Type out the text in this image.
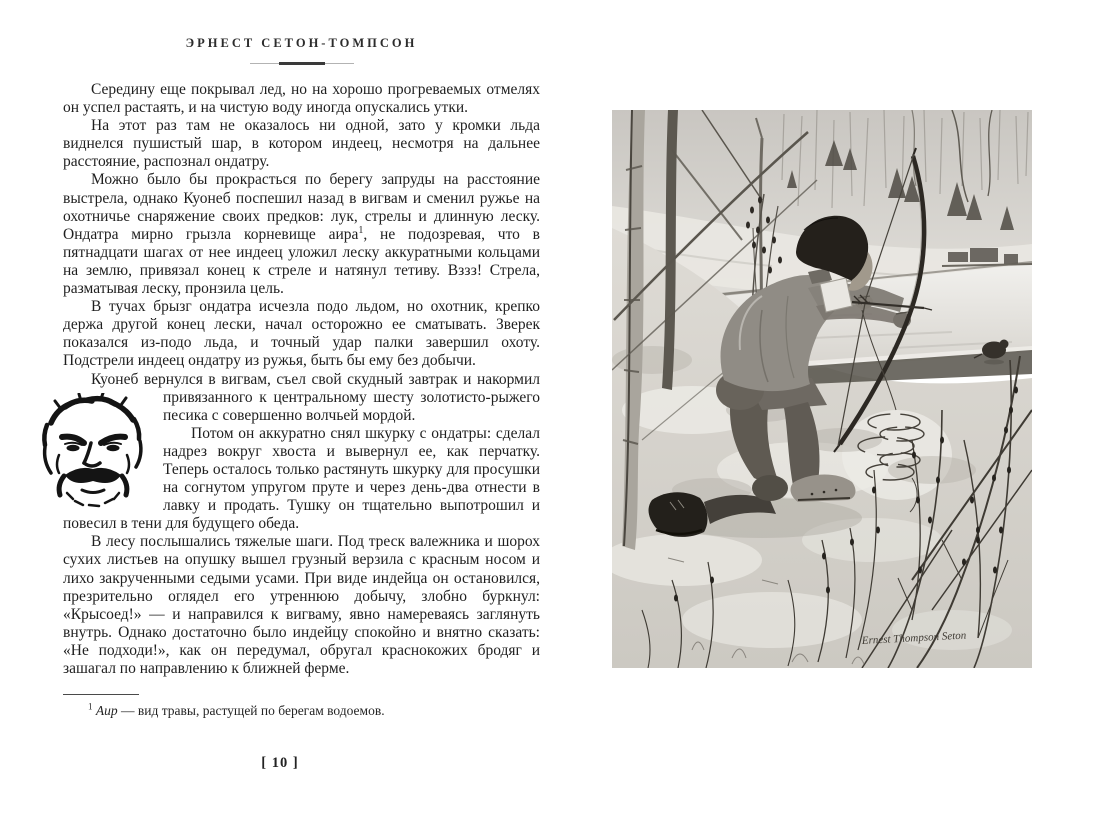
ЭРНЕСТ СЕТОН-ТОМПСОН

Середину еще покрывал лед, но на хорошо прогреваемых отмелях он успел растаять, и на чистую воду иногда опускались утки.

На этот раз там не оказалось ни одной, зато у кромки льда виднелся пушистый шар, в котором индеец, несмотря на дальнее расстояние, распознал ондатру.

Можно было бы прокрасться по берегу запруды на расстояние выстрела, однако Куонеб поспешил назад в вигвам и сменил ружье на охотничье снаряжение своих предков: лук, стрелы и длинную леску. Ондатра мирно грызла корневище аира$^1$, не подозревая, что в пятнадцати шагах от нее индеец уложил леску аккуратными кольцами на землю, привязал конец к стреле и натянул тетиву. Вззз! Стрела, разматывая леску, пронзила цель.

В тучах брызг ондатра исчезла подо льдом, но охотник, крепко держа другой конец лески, начал осторожно ее сматывать. Зверек показался из-подо льда, и точный удар палки завершил охоту. Подстрели индеец ондатру из ружья, быть бы ему без добычи.

Куонеб вернулся в вигвам, съел свой скудный завтрак и накормил привязанного к центральному шесту золотисто-рыжего
песика с совершенно волчьей мордой.

Потом он аккуратно снял шкурку с ондатры: сделал надрез вокруг хвоста и вывернул ее, как перчатку. Теперь осталось только растянуть шкурку для просушки на согнутом упругом пруте и через день-два отнести в лавку и продать. Тушку он тщательно выпотрошил и повесил в тени для будущего обеда.

В лесу послышались тяжелые шаги. Под треск валежника и шорох сухих листьев на опушку вышел грузный верзила с красным носом и лихо закрученными седыми усами. При виде индейца он остановился, презрительно оглядел его утреннюю добычу, злобно буркнул: «Крысоед!» — и направился к вигваму, явно намереваясь заглянуть внутрь. Однако достаточно было индейцу спокойно и внятно сказать: «Не подходи!», как он передумал, обругал краснокожих бродяг и зашагал по направлению к ближней ферме.

$^1$ Аир — вид травы, растущей по берегам водоемов.
[ 10 ]
Ernest Thompson Seton
